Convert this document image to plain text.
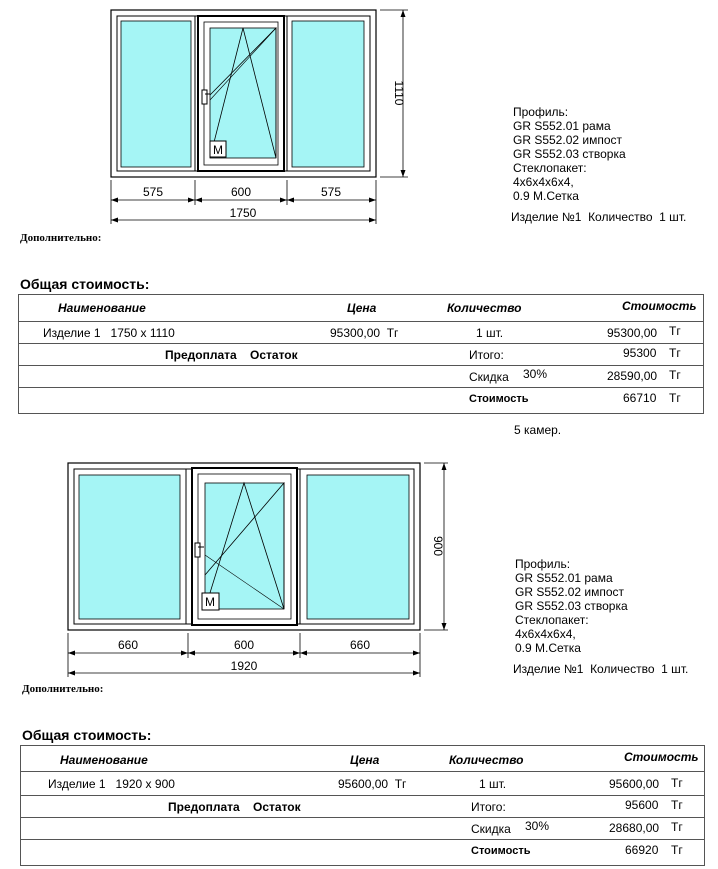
M
575	600	575
1750
1110
Профиль:
GR S552.01 рама
GR S552.02 импост
GR S552.03 створка
Стеклопакет:
4x6x4x6x4,
0.9 М.Сетка
Изделие №1  Количество  1 шт.
Дополнительно:
Общая стоимость:
Наименование	Цена	Количество	Стоимость
Изделие 1   1750 x 1110	95300,00  Тг	1 шт.	95300,00 Тг
Предоплата    Остаток	Итого:	95300 Тг
Скидка 30%	28590,00 Тг
Стоимость	66710 Тг
5 камер.
M
660	600	660
1920
900
Профиль:
GR S552.01 рама
GR S552.02 импост
GR S552.03 створка
Стеклопакет:
4x6x4x6x4,
0.9 М.Сетка
Изделие №1  Количество  1 шт.
Дополнительно:
Общая стоимость:
Наименование	Цена	Количество	Стоимость
Изделие 1   1920 x 900	95600,00  Тг	1 шт.	95600,00 Тг
Предоплата    Остаток	Итого:	95600 Тг
Скидка 30%	28680,00 Тг
Стоимость	66920 Тг
